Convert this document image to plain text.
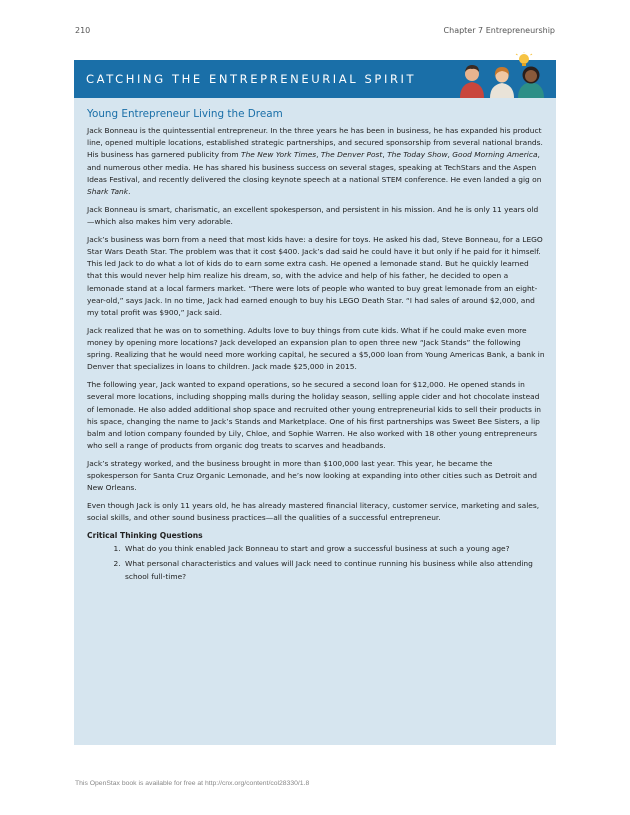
210	Chapter 7 Entrepreneurship
CATCHING THE ENTREPRENEURIAL SPIRIT
Young Entrepreneur Living the Dream

Jack Bonneau is the quintessential entrepreneur. In the three years he has been in business, he has expanded his product line, opened multiple locations, established strategic partnerships, and secured sponsorship from several national brands. His business has garnered publicity from The New York Times, The Denver Post, The Today Show, Good Morning America, and numerous other media. He has shared his business success on several stages, speaking at TechStars and the Aspen Ideas Festival, and recently delivered the closing keynote speech at a national STEM conference. He even landed a gig on Shark Tank.

Jack Bonneau is smart, charismatic, an excellent spokesperson, and persistent in his mission. And he is only 11 years old—which also makes him very adorable.

Jack’s business was born from a need that most kids have: a desire for toys. He asked his dad, Steve Bonneau, for a LEGO Star Wars Death Star. The problem was that it cost $400. Jack’s dad said he could have it but only if he paid for it himself. This led Jack to do what a lot of kids do to earn some extra cash. He opened a lemonade stand. But he quickly learned that this would never help him realize his dream, so, with the advice and help of his father, he decided to open a lemonade stand at a local farmers market. “There were lots of people who wanted to buy great lemonade from an eight-year-old,” says Jack. In no time, Jack had earned enough to buy his LEGO Death Star. “I had sales of around $2,000, and my total profit was $900,” Jack said.

Jack realized that he was on to something. Adults love to buy things from cute kids. What if he could make even more money by opening more locations? Jack developed an expansion plan to open three new “Jack Stands” the following spring. Realizing that he would need more working capital, he secured a $5,000 loan from Young Americas Bank, a bank in Denver that specializes in loans to children. Jack made $25,000 in 2015.

The following year, Jack wanted to expand operations, so he secured a second loan for $12,000. He opened stands in several more locations, including shopping malls during the holiday season, selling apple cider and hot chocolate instead of lemonade. He also added additional shop space and recruited other young entrepreneurial kids to sell their products in his space, changing the name to Jack’s Stands and Marketplace. One of his first partnerships was Sweet Bee Sisters, a lip balm and lotion company founded by Lily, Chloe, and Sophie Warren. He also worked with 18 other young entrepreneurs who sell a range of products from organic dog treats to scarves and headbands.

Jack’s strategy worked, and the business brought in more than $100,000 last year. This year, he became the spokesperson for Santa Cruz Organic Lemonade, and he’s now looking at expanding into other cities such as Detroit and New Orleans.

Even though Jack is only 11 years old, he has already mastered financial literacy, customer service, marketing and sales, social skills, and other sound business practices—all the qualities of a successful entrepreneur.

Critical Thinking Questions
1. What do you think enabled Jack Bonneau to start and grow a successful business at such a young age?
2. What personal characteristics and values will Jack need to continue running his business while also attending school full-time?
This OpenStax book is available for free at http://cnx.org/content/col28330/1.8
